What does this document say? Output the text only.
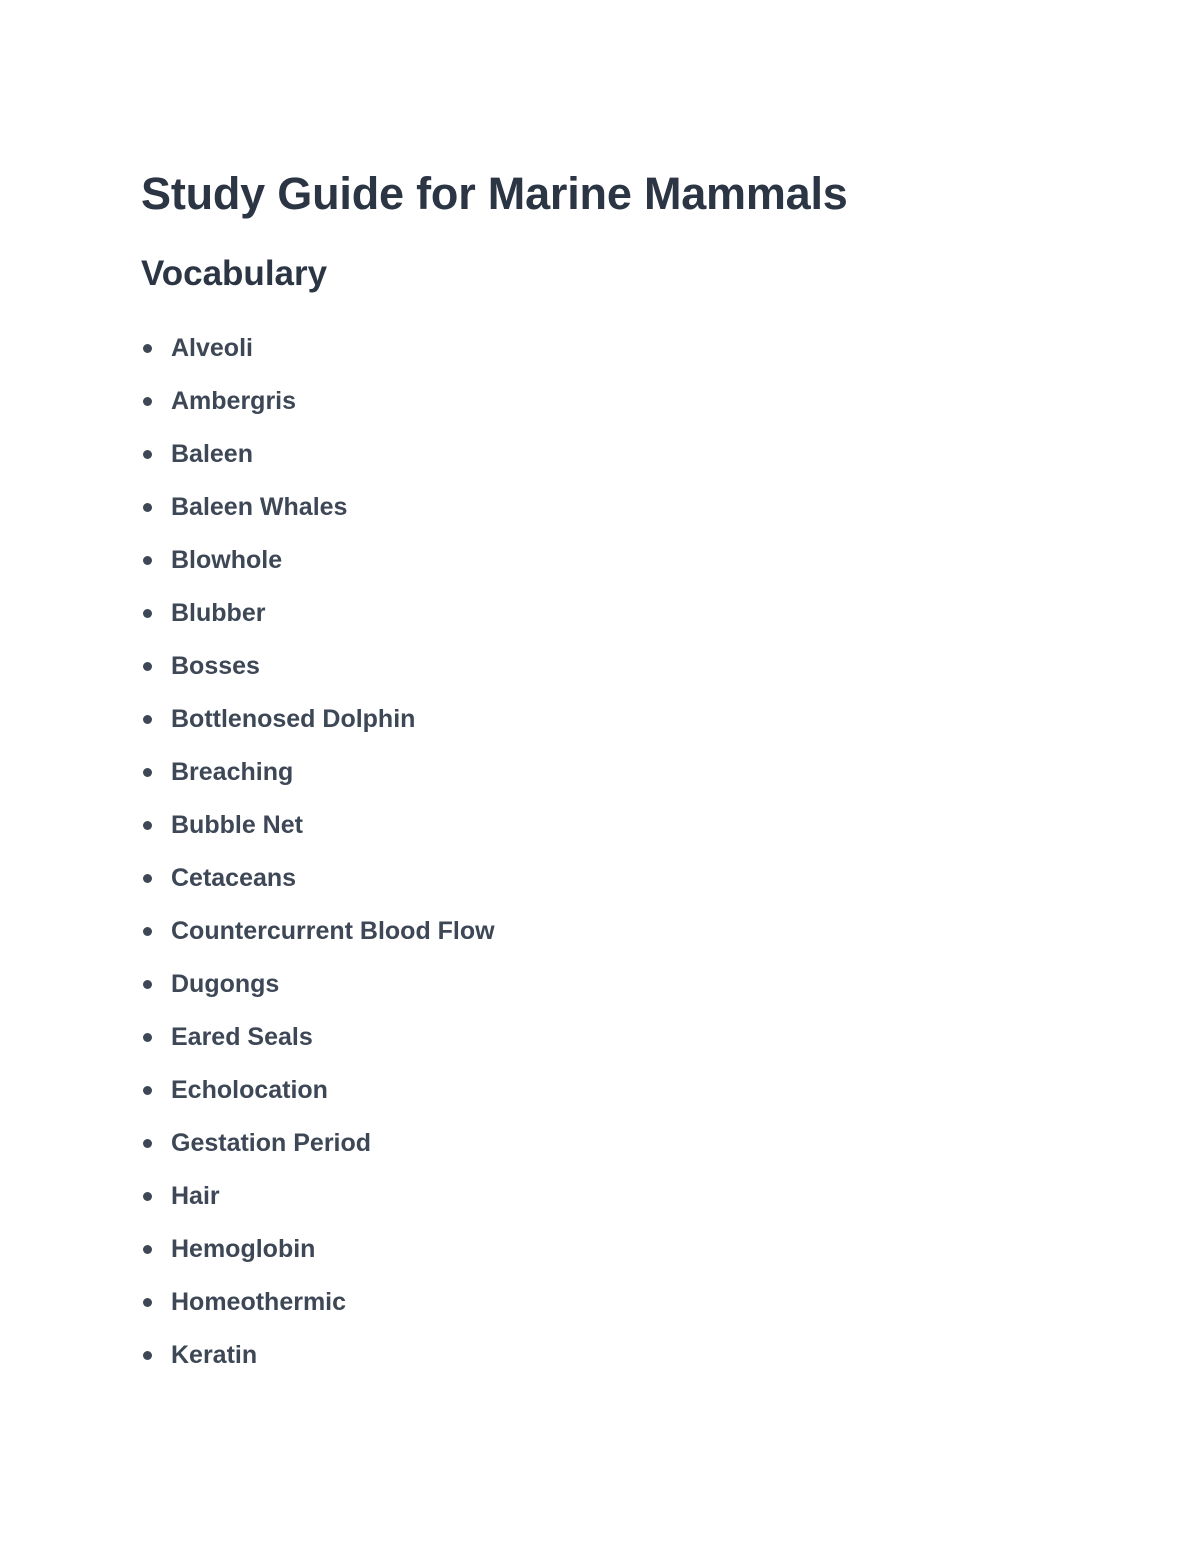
Study Guide for Marine Mammals
Vocabulary
Alveoli
Ambergris
Baleen
Baleen Whales
Blowhole
Blubber
Bosses
Bottlenosed Dolphin
Breaching
Bubble Net
Cetaceans
Countercurrent Blood Flow
Dugongs
Eared Seals
Echolocation
Gestation Period
Hair
Hemoglobin
Homeothermic
Keratin
